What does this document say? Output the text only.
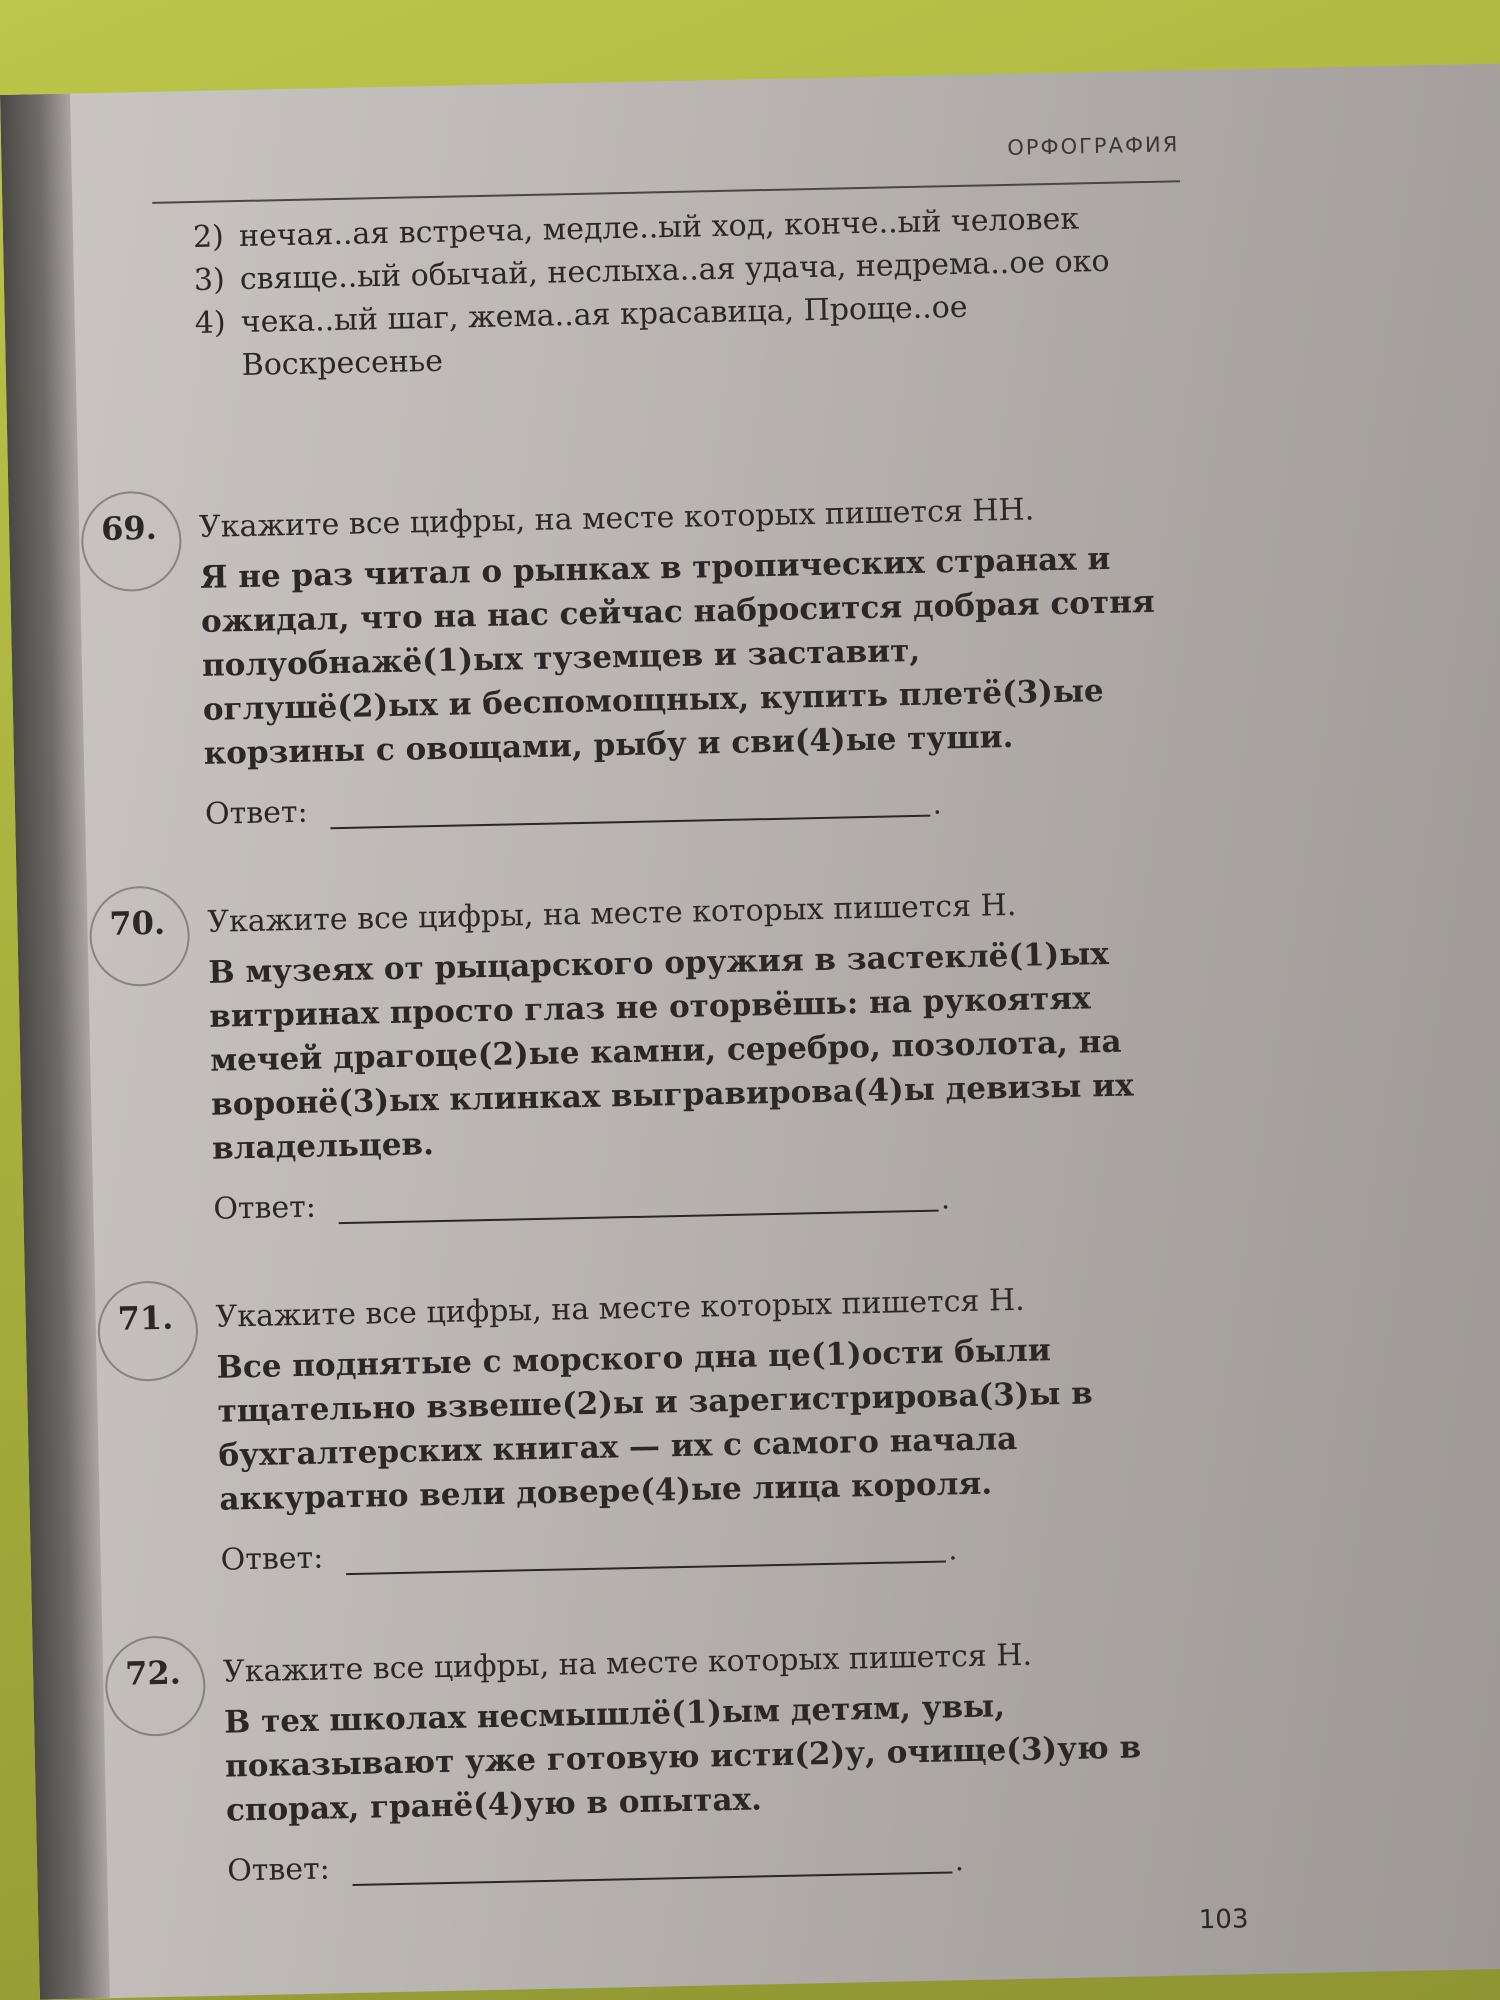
ОРФОГРАФИЯ
2) нечая..ая встреча, медле..ый ход, конче..ый человек
3) свяще..ый обычай, неслыха..ая удача, недрема..ое око
4) чека..ый шаг, жема..ая красавица, Проще..ое Воскресенье
69. Укажите все цифры, на месте которых пишется НН.
Я не раз читал о рынках в тропических странах и ожидал, что на нас сейчас набросится добрая сотня полуобнажё(1)ых туземцев и заставит, оглушё(2)ых и беспомощных, купить плетё(3)ые корзины с овощами, рыбу и сви(4)ые туши.
Ответ:	.
70. Укажите все цифры, на месте которых пишется Н.
В музеях от рыцарского оружия в застеклё(1)ых витринах просто глаз не оторвёшь: на рукоятях мечей драгоце(2)ые камни, серебро, позолота, на воронё(3)ых клинках выгравирова(4)ы девизы их владельцев.
Ответ:	.
71. Укажите все цифры, на месте которых пишется Н.
Все поднятые с морского дна це(1)ости были тщательно взвеше(2)ы и зарегистрирова(3)ы в бухгалтерских книгах — их с самого начала аккуратно вели довере(4)ые лица короля.
Ответ:	.
72. Укажите все цифры, на месте которых пишется Н.
В тех школах несмышлё(1)ым детям, увы, показывают уже готовую исти(2)у, очище(3)ую в спорах, гранё(4)ую в опытах.
Ответ:	.
103
